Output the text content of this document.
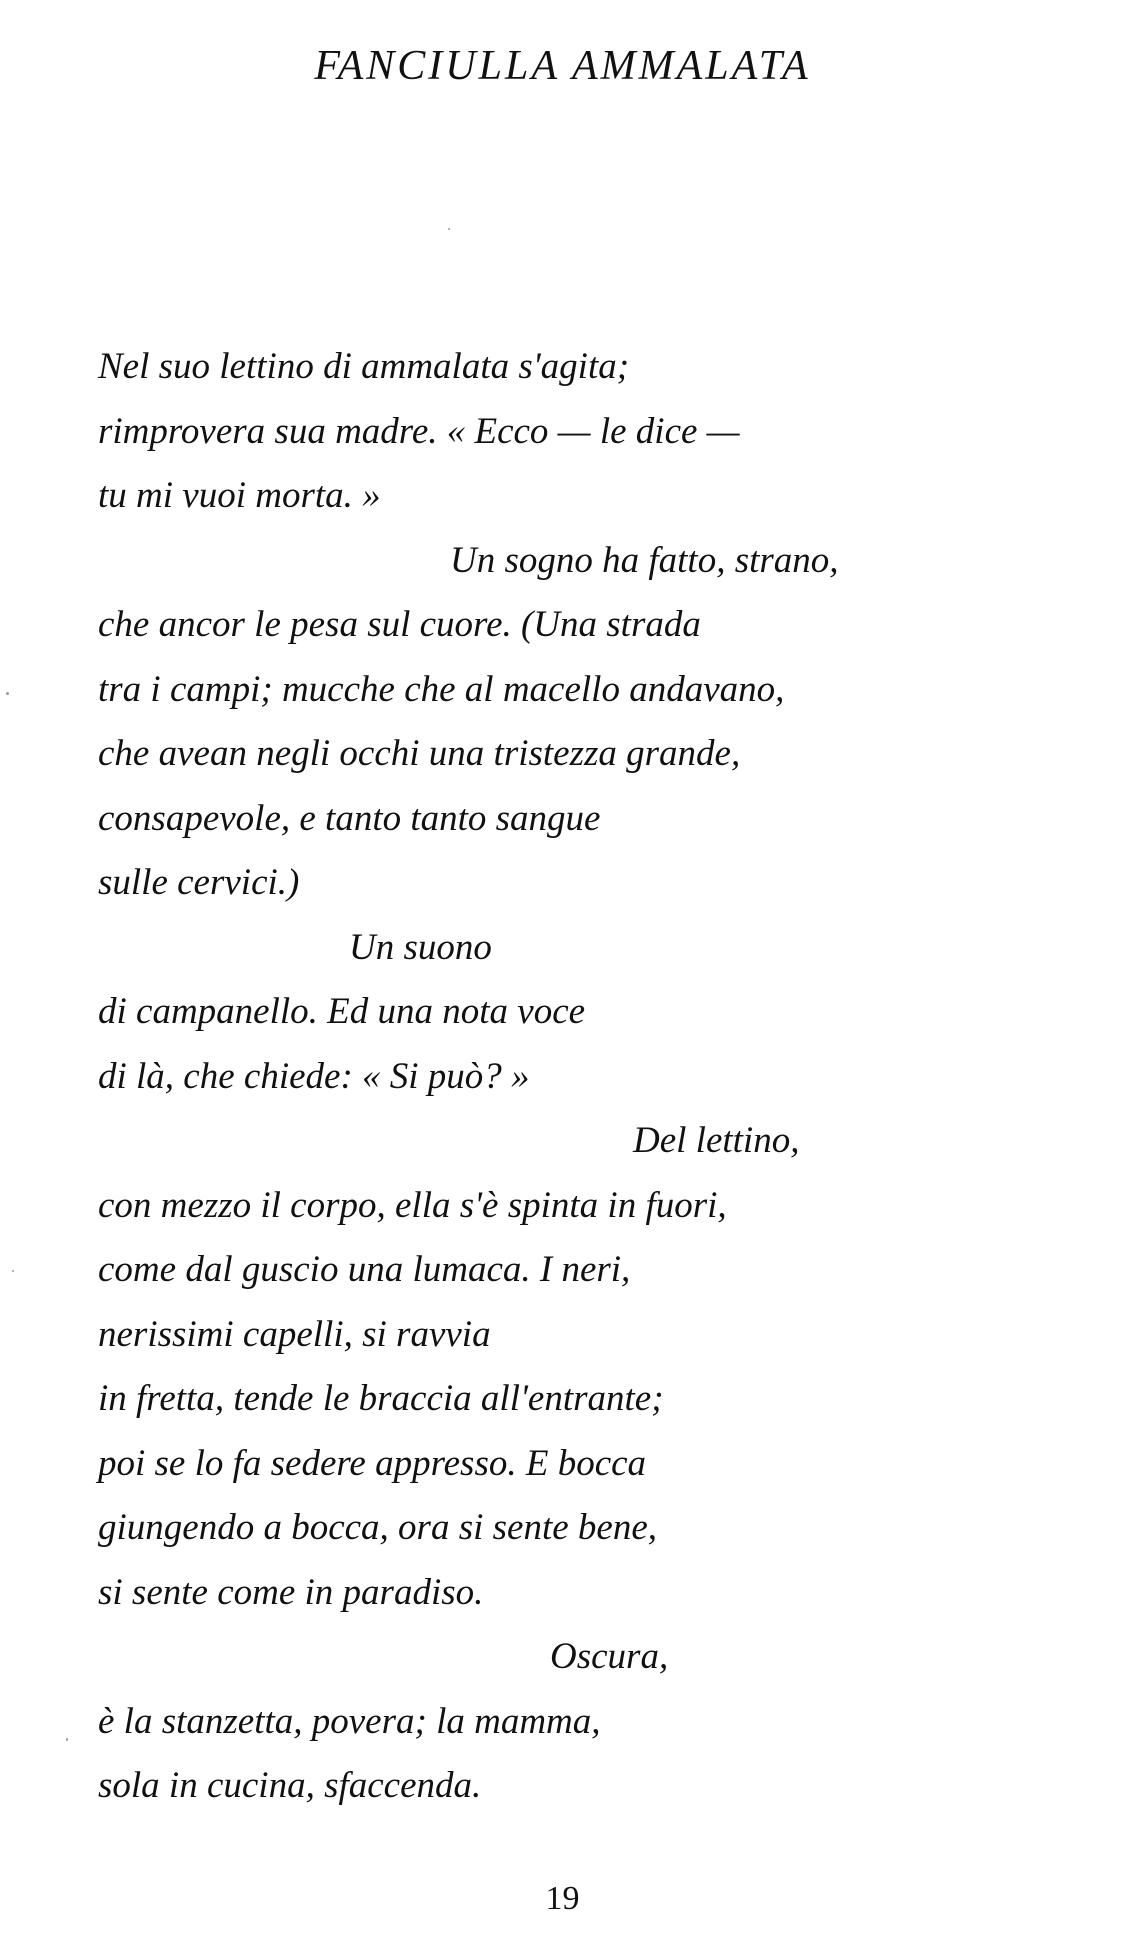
FANCIULLA AMMALATA
Nel suo lettino di ammalata s'agita;
rimprovera sua madre. « Ecco — le dice —
tu mi vuoi morta. »
Un sogno ha fatto, strano,
che ancor le pesa sul cuore. (Una strada
tra i campi; mucche che al macello andavano,
che avean negli occhi una tristezza grande,
consapevole, e tanto tanto sangue
sulle cervici.)
Un suono
di campanello. Ed una nota voce
di là, che chiede: « Si può? »
Del lettino,
con mezzo il corpo, ella s'è spinta in fuori,
come dal guscio una lumaca. I neri,
nerissimi capelli, si ravvia
in fretta, tende le braccia all'entrante;
poi se lo fa sedere appresso. E bocca
giungendo a bocca, ora si sente bene,
si sente come in paradiso.
Oscura,
è la stanzetta, povera; la mamma,
sola in cucina, sfaccenda.
19
